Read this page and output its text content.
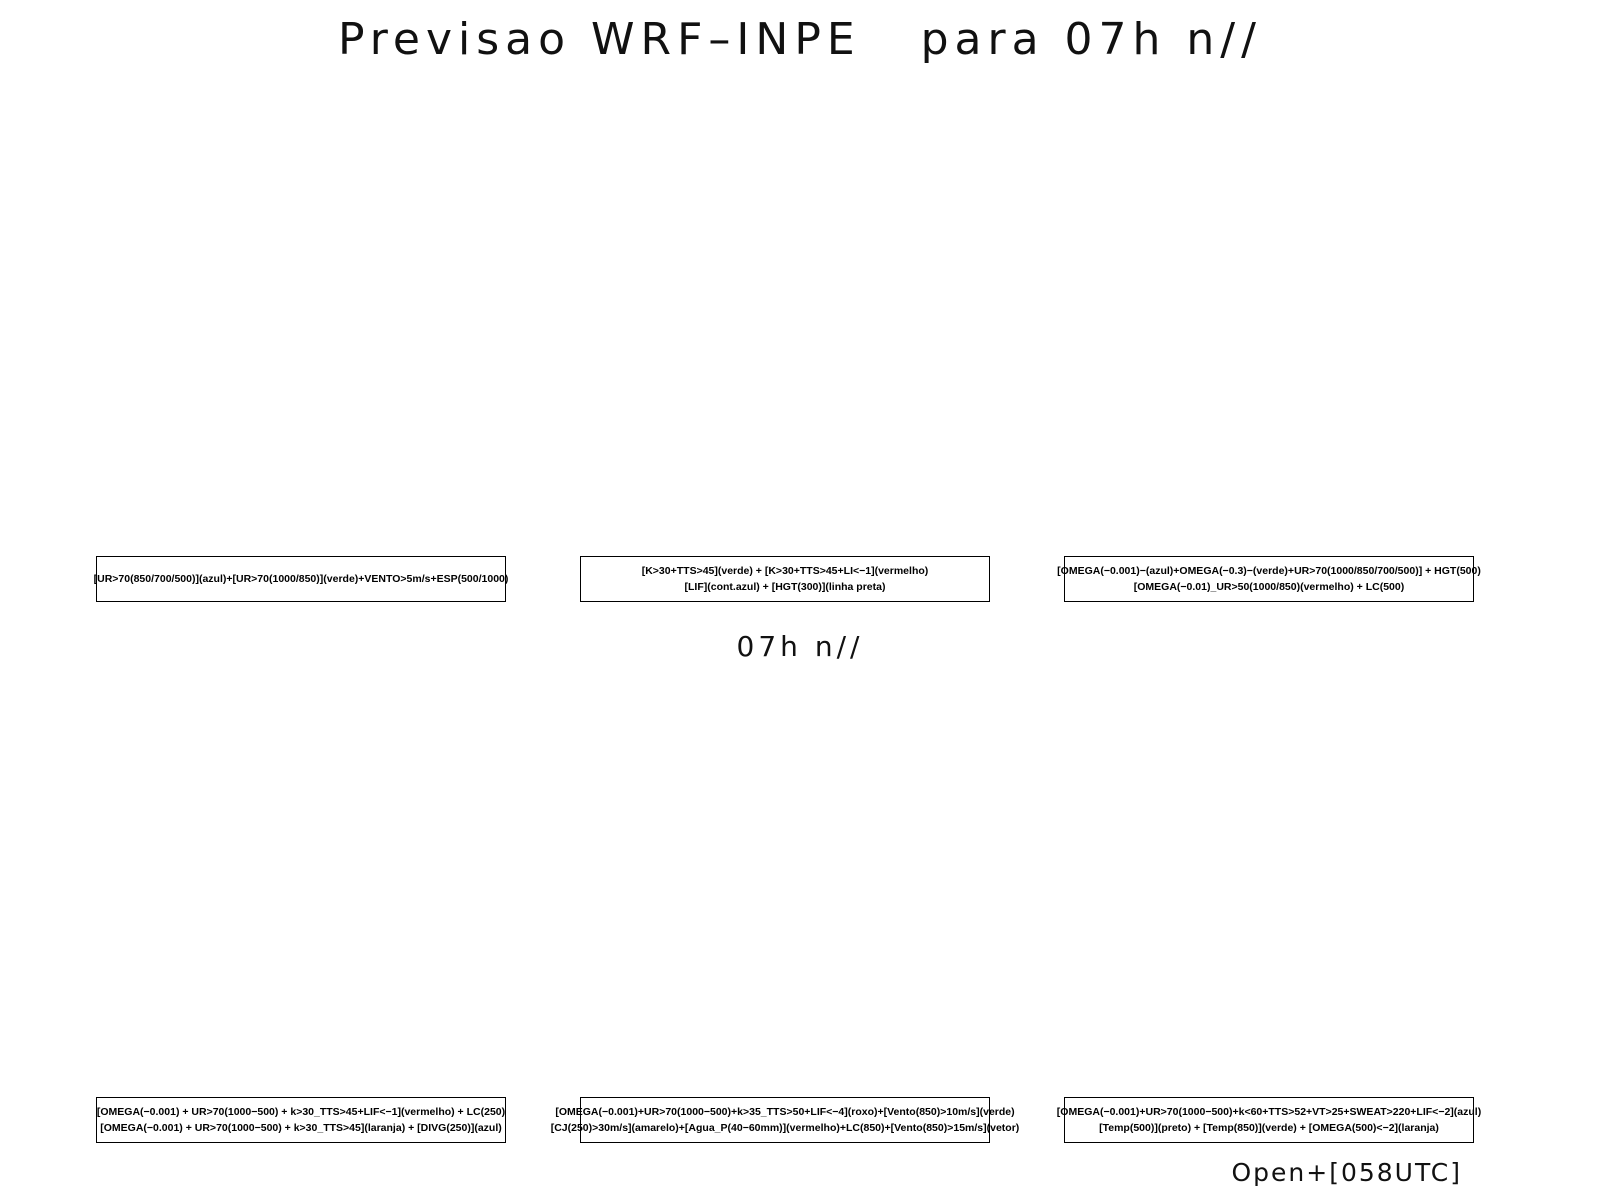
Previsao WRF–INPE   para 07h n//
[UR>70(850/700/500)](azul)+[UR>70(1000/850)](verde)+VENTO>5m/s+ESP(500/1000)
[K>30+TTS>45](verde) + [K>30+TTS>45+LI<−1](vermelho)
[LIF](cont.azul) + [HGT(300)](linha preta)
[OMEGA(−0.001)−(azul)+OMEGA(−0.3)−(verde)+UR>70(1000/850/700/500)] + HGT(500)
[OMEGA(−0.01)_UR>50(1000/850)(vermelho) + LC(500)
07h n//
[OMEGA(−0.001) + UR>70(1000−500) + k>30_TTS>45+LIF<−1](vermelho) + LC(250)
[OMEGA(−0.001) + UR>70(1000−500) + k>30_TTS>45](laranja) + [DIVG(250)](azul)
[OMEGA(−0.001)+UR>70(1000−500)+k>35_TTS>50+LIF<−4](roxo)+[Vento(850)>10m/s](verde)
[CJ(250)>30m/s](amarelo)+[Agua_P(40−60mm)](vermelho)+LC(850)+[Vento(850)>15m/s](vetor)
[OMEGA(−0.001)+UR>70(1000−500)+k<60+TTS>52+VT>25+SWEAT>220+LIF<−2](azul)
[Temp(500)](preto) + [Temp(850)](verde) + [OMEGA(500)<−2](laranja)
Open+[058UTC]
